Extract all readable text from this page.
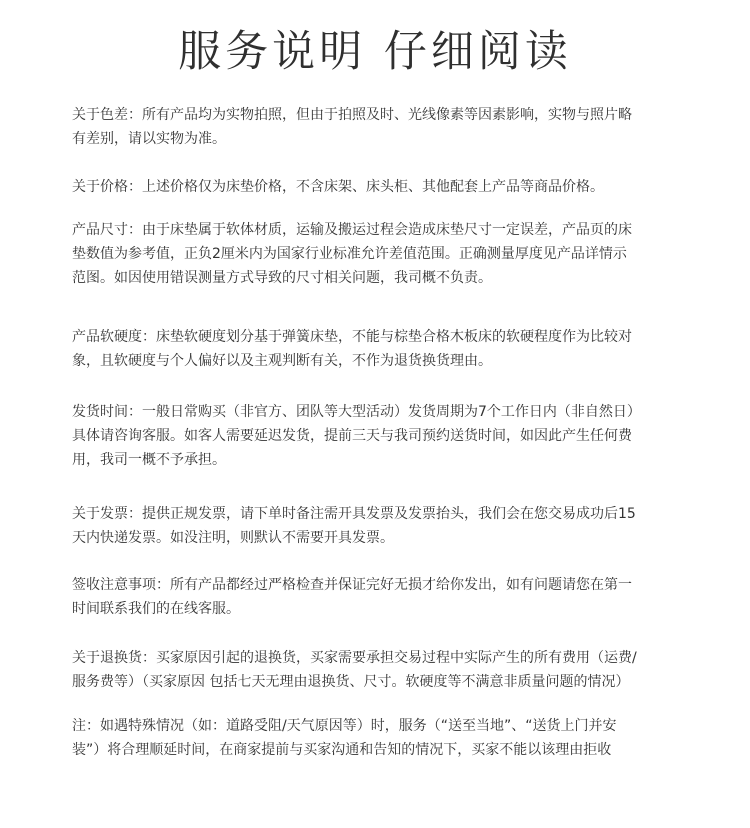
服务说明 仔细阅读

关于色差：所有产品均为实物拍照，但由于拍照及时、光线像素等因素影响，实物与照片略

有差别，请以实物为准。

关于价格：上述价格仅为床垫价格，不含床架、床头柜、其他配套上产品等商品价格。

产品尺寸：由于床垫属于软体材质，运输及搬运过程会造成床垫尺寸一定误差，产品页的床

垫数值为参考值，正负2厘米内为国家行业标准允许差值范围。正确测量厚度见产品详情示

范图。如因使用错误测量方式导致的尺寸相关问题，我司概不负责。

产品软硬度：床垫软硬度划分基于弹簧床垫，不能与棕垫合格木板床的软硬程度作为比较对

象，且软硬度与个人偏好以及主观判断有关，不作为退货换货理由。

发货时间：一般日常购买（非官方、团队等大型活动）发货周期为7个工作日内（非自然日）

具体请咨询客服。如客人需要延迟发货，提前三天与我司预约送货时间，如因此产生任何费

用，我司一概不予承担。

关于发票：提供正规发票，请下单时备注需开具发票及发票抬头，我们会在您交易成功后15

天内快递发票。如没注明，则默认不需要开具发票。

签收注意事项：所有产品都经过严格检查并保证完好无损才给你发出，如有问题请您在第一

时间联系我们的在线客服。

关于退换货：买家原因引起的退换货，买家需要承担交易过程中实际产生的所有费用（运费/

服务费等）（买家原因 包括七天无理由退换货、尺寸。软硬度等不满意非质量问题的情况）

注：如遇特殊情况（如：道路受阻/天气原因等）时，服务（“送至当地”、“送货上门并安

装”）将合理顺延时间，在商家提前与买家沟通和告知的情况下，买家不能以该理由拒收
